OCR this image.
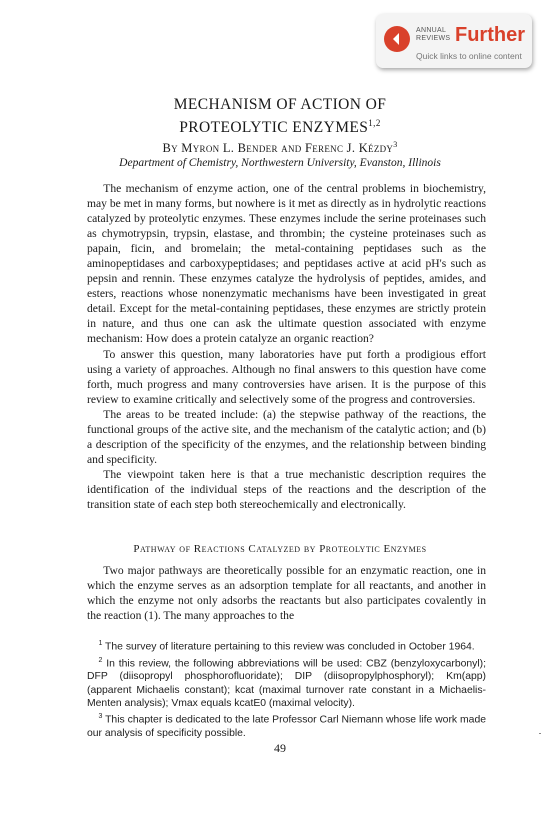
ANNUAL
REVIEWS Further
Quick links to online content
MECHANISM OF ACTION OF
PROTEOLYTIC ENZYMES$^{1,2}$
By Myron L. Bender and Ferenc J. Kézdy$^3$
Department of Chemistry, Northwestern University, Evanston, Illinois

The mechanism of enzyme action, one of the central problems in biochemistry, may be met in many forms, but nowhere is it met as directly as in hydrolytic reactions catalyzed by proteolytic enzymes. These enzymes include the serine proteinases such as chymotrypsin, trypsin, elastase, and thrombin; the cysteine proteinases such as papain, ficin, and bromelain; the metal-containing peptidases such as the aminopeptidases and carboxypeptidases; and peptidases active at acid pH's such as pepsin and rennin. These enzymes catalyze the hydrolysis of peptides, amides, and esters, reactions whose nonenzymatic mechanisms have been investigated in great detail. Except for the metal-containing peptidases, these enzymes are strictly protein in nature, and thus one can ask the ultimate question associated with enzyme mechanism: How does a protein catalyze an organic reaction?

To answer this question, many laboratories have put forth a prodigious effort using a variety of approaches. Although no final answers to this question have come forth, much progress and many controversies have arisen. It is the purpose of this review to examine critically and selectively some of the progress and controversies.

The areas to be treated include: (a) the stepwise pathway of the reactions, the functional groups of the active site, and the mechanism of the catalytic action; and (b) a description of the specificity of the enzymes, and the relationship between binding and specificity.

The viewpoint taken here is that a true mechanistic description requires the identification of the individual steps of the reactions and the description of the transition state of each step both stereochemically and electronically.

Pathway of Reactions Catalyzed by Proteolytic Enzymes

Two major pathways are theoretically possible for an enzymatic reaction, one in which the enzyme serves as an adsorption template for all reactants, and another in which the enzyme not only adsorbs the reactants but also participates covalently in the reaction (1). The many approaches to the

$^1$ The survey of literature pertaining to this review was concluded in October 1964.

$^2$ In this review, the following abbreviations will be used: CBZ (benzyloxycarbonyl); DFP (diisopropyl phosphorofluoridate); DIP (diisopropylphosphoryl); Km(app) (apparent Michaelis constant); kcat (maximal turnover rate constant in a Michaelis-Menten analysis); Vmax equals kcatE0 (maximal velocity).

$^3$ This chapter is dedicated to the late Professor Carl Niemann whose life work made our analysis of specificity possible.

49
